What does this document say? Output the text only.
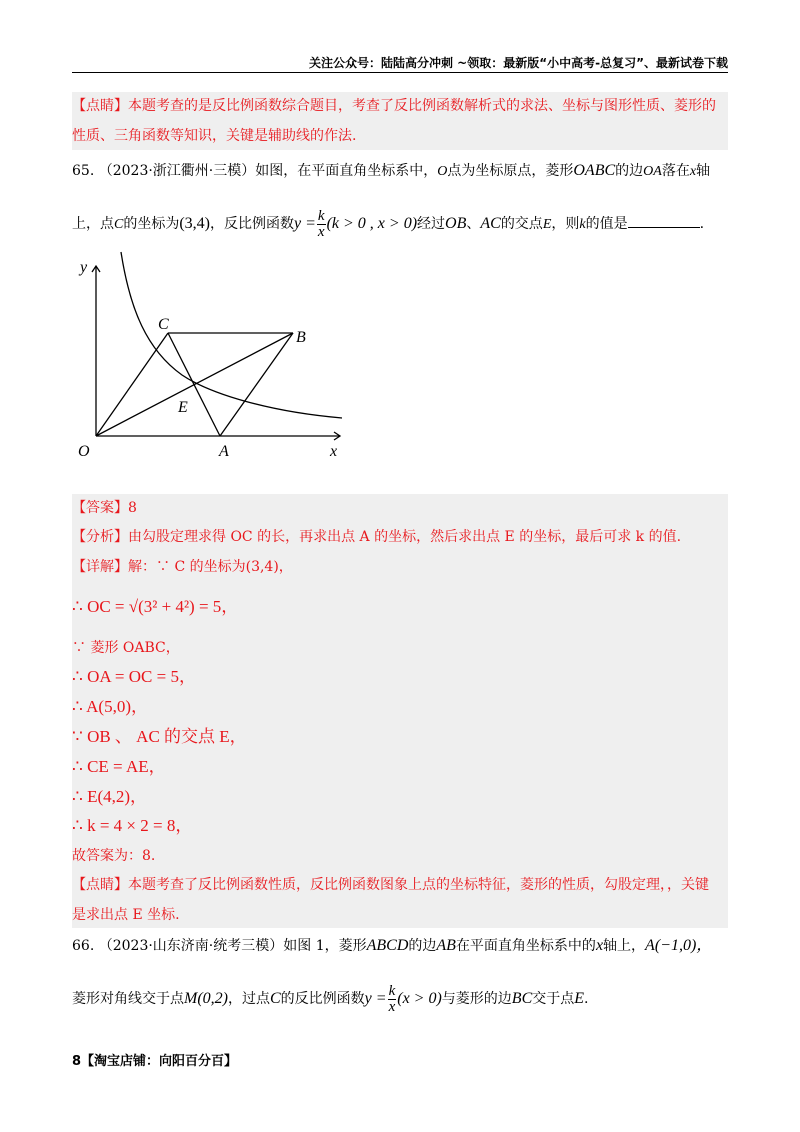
关注公众号：陆陆高分冲刺 ~领取：最新版“小中高考-总复习”、最新试卷下载
【点睛】本题考查的是反比例函数综合题目，考查了反比例函数解析式的求法、坐标与图形性质、菱形的
性质、三角函数等知识，关键是辅助线的作法.
65. （2023·浙江衢州·三模）如图，在平面直角坐标系中，O点为坐标原点，菱形OABC的边OA落在x轴
上，点C的坐标为(3,4)，反比例函数$y = \frac{k}{x} (k > 0$ , x > 0)经过OB、AC的交点E，则k的值是	.
y
x
O	A
B
C
E
【答案】8
【分析】由勾股定理求得 OC 的长，再求出点 A 的坐标，然后求出点 E 的坐标，最后可求 k 的值.
【详解】解：∵ C 的坐标为(3,4)，
∴ OC = √(3² + 4²) = 5，
∵ 菱形 OABC，
∴ OA = OC = 5，
∴ A(5,0)，
∵ OB 、 AC 的交点 E，
∴ CE = AE，
∴ E(4,2)，
∴ k = 4 × 2 = 8，
故答案为：8.
【点睛】本题考查了反比例函数性质，反比例函数图象上点的坐标特征，菱形的性质，勾股定理，，关键
是求出点 E 坐标.
66. （2023·山东济南·统考三模）如图 1，菱形ABCD的边AB在平面直角坐标系中的x轴上，A(−1,0)，
菱形对角线交于点M(0,2)，过点C的反比例函数$y = \frac{k}{x} (x > 0)$与菱形的边BC交于点E.
8【淘宝店铺：向阳百分百】
